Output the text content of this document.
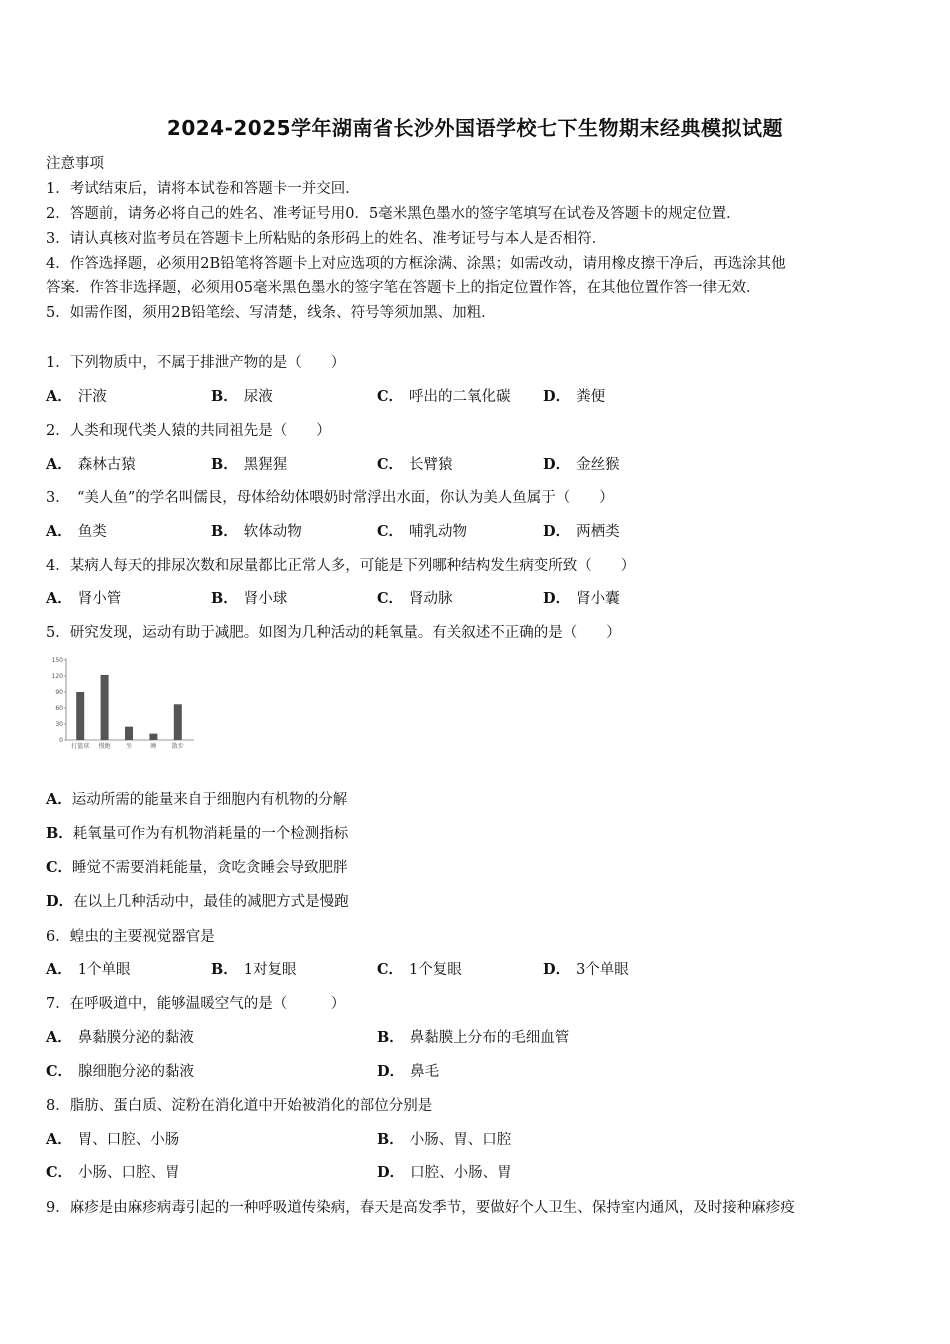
2024-2025学年湖南省长沙外国语学校七下生物期末经典模拟试题
注意事项
1．考试结束后，请将本试卷和答题卡一并交回．
2．答题前，请务必将自己的姓名、准考证号用0．5毫米黑色墨水的签字笔填写在试卷及答题卡的规定位置．
3．请认真核对监考员在答题卡上所粘贴的条形码上的姓名、准考证号与本人是否相符．
4．作答选择题，必须用2B铅笔将答题卡上对应选项的方框涂满、涂黑；如需改动，请用橡皮擦干净后，再选涂其他
答案．作答非选择题，必须用05毫米黑色墨水的签字笔在答题卡上的指定位置作答，在其他位置作答一律无效．
5．如需作图，须用2B铅笔绘、写清楚，线条、符号等须加黑、加粗．
1．下列物质中，不属于排泄产物的是（　　）
A． 汗液	B． 尿液	C． 呼出的二氧化碳 D． 粪便
2．人类和现代类人猿的共同祖先是（　　）
A． 森林古猿	B． 黑猩猩	C． 长臂猿	D． 金丝猴
3．　“美人鱼”的学名叫儒艮，母体给幼体喂奶时常浮出水面，你认为美人鱼属于（　　）
A． 鱼类	B． 软体动物	C． 哺乳动物	D． 两栖类
4．某病人每天的排尿次数和尿量都比正常人多，可能是下列哪种结构发生病变所致（　　）
A． 肾小管	B． 肾小球	C． 肾动脉	D． 肾小囊
5．研究发现，运动有助于减肥。如图为几种活动的耗氧量。有关叙述不正确的是（　　）
150
120
90
60
30
0
打篮球 慢跑	坐	睡	散步
A．运动所需的能量来自于细胞内有机物的分解
B．耗氧量可作为有机物消耗量的一个检测指标
C．睡觉不需要消耗能量，贪吃贪睡会导致肥胖
D．在以上几种活动中，最佳的减肥方式是慢跑
6．蝗虫的主要视觉器官是
A． 1个单眼	B． 1对复眼	C． 1个复眼	D． 3个单眼
7．在呼吸道中，能够温暖空气的是（　　　）
A． 鼻黏膜分泌的黏液	B． 鼻黏膜上分布的毛细血管
C． 腺细胞分泌的黏液	D． 鼻毛
8．脂肪、蛋白质、淀粉在消化道中开始被消化的部位分别是
A． 胃、口腔、小肠	B． 小肠、胃、口腔
C． 小肠、口腔、胃	D． 口腔、小肠、胃
9．麻疹是由麻疹病毒引起的一种呼吸道传染病，春天是高发季节，要做好个人卫生、保持室内通风，及时接种麻疹疫
